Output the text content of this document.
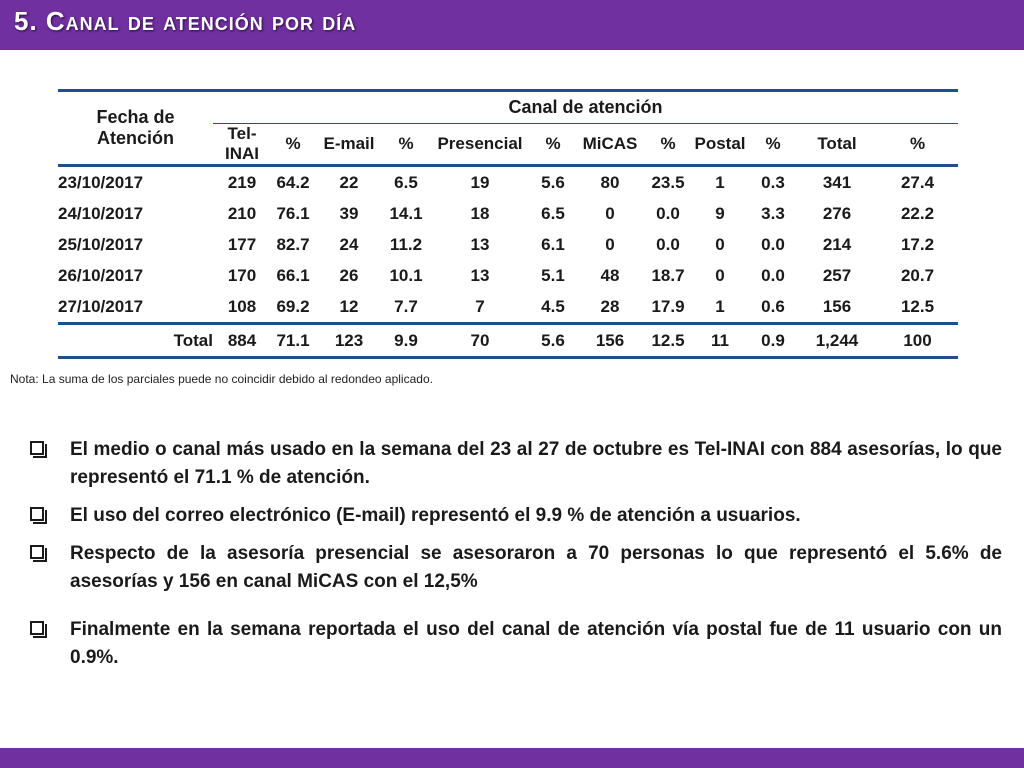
5. Canal de atención por día
Fecha de Atención	Canal de atención											
	Tel-INAI	%	E-mail	%	Presencial	%	MiCAS	%	Postal	%	Total	%
23/10/2017	219	64.2	22	6.5	19	5.6	80	23.5	1	0.3	341	27.4
24/10/2017	210	76.1	39	14.1	18	6.5	0	0.0	9	3.3	276	22.2
25/10/2017	177	82.7	24	11.2	13	6.1	0	0.0	0	0.0	214	17.2
26/10/2017	170	66.1	26	10.1	13	5.1	48	18.7	0	0.0	257	20.7
27/10/2017	108	69.2	12	7.7	7	4.5	28	17.9	1	0.6	156	12.5
Total	884	71.1	123	9.9	70	5.6	156	12.5	11	0.9	1,244	100
Nota: La suma de los parciales puede no coincidir debido al redondeo aplicado.
El medio o canal más usado en la semana del 23 al 27 de octubre es Tel-INAI con 884 asesorías, lo que representó el 71.1 % de atención.
El uso del correo electrónico (E-mail) representó el 9.9 % de atención a usuarios.
Respecto de la asesoría presencial se asesoraron a 70 personas lo que representó el 5.6% de asesorías y 156 en canal MiCAS con el 12,5%
Finalmente en la semana reportada el uso del canal de atención vía postal fue de 11 usuario con un 0.9%.
